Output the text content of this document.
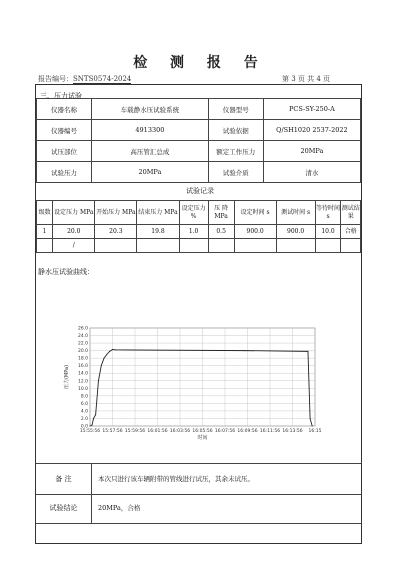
检 测 报 告
报告编号：SNTS0574-2024	第 3 页 共 4 页
三、压力试验
仪器名称	车载静水压试验系统	仪器型号	PCS-SY-250-A
仪器编号	4913300	试验依据	Q/SH1020 2537-2022
试压部位	高压管汇总成	额定工作压力	20MPa
试验压力	20MPa	试验介质	清水
试验记录
级数	设定压力 MPa	开始压力 MPa	结束压力 MPa	设定压力 %	压 降 MPa	设定时间 s	测试时间 s	等待时间 s	测试结果
1	20.0	20.3	19.8	1.0	0.5	900.0	900.0	10.0	合格
	/								
静水压试验曲线：
0.0
2.0
4.0
6.0
8.0
10.0
12.0
14.0
16.0
18.0
20.0
22.0
24.0
26.0
15:55:56 15:57:56 15:59:56 16:01:56 16:03:56 16:05:56 16:07:56 16:09:56 16:11:56 16:13:56 16:15
时间
压力(MPa)
备 注	本次只进行该车辆附带的管线进行试压，其余未试压。
试验结论	20MPa，合格
